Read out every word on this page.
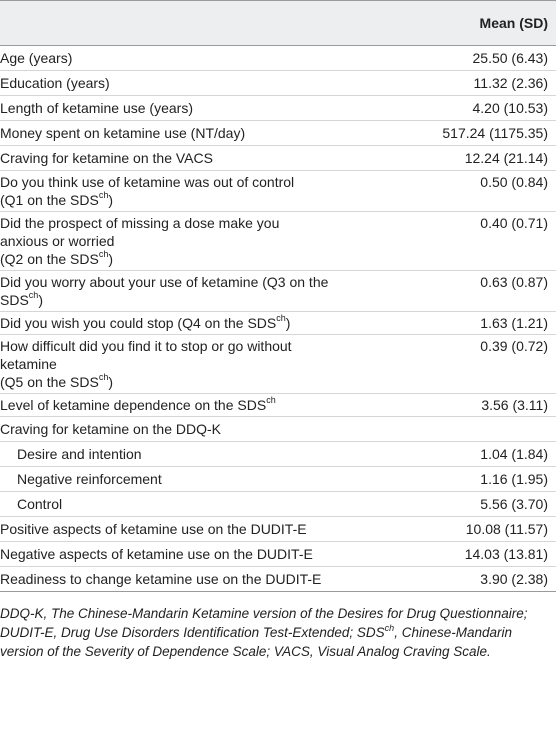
	Mean (SD)
Age (years)	25.50 (6.43)
Education (years)	11.32 (2.36)
Length of ketamine use (years)	4.20 (10.53)
Money spent on ketamine use (NT/day)	517.24 (1175.35)
Craving for ketamine on the VACS	12.24 (21.14)

Do you think use of ketamine was out of control
(Q1 on the $SDS^{ch}$)	0.50 (0.84)

Did the prospect of missing a dose make you
anxious or worried
(Q2 on the $SDS^{ch}$)	0.40 (0.71)

Did you worry about your use of ketamine (Q3 on the
$SDS^{ch}$)	0.63 (0.87)

Did you wish you could stop (Q4 on the $SDS^{ch}$)	1.63 (1.21)

How difficult did you find it to stop or go without
ketamine
(Q5 on the $SDS^{ch}$)	0.39 (0.72)

Level of ketamine dependence on the $SDS^{ch}$	3.56 (3.11)
Craving for ketamine on the DDQ-K	
Desire and intention	1.04 (1.84)
Negative reinforcement	1.16 (1.95)
Control	5.56 (3.70)
Positive aspects of ketamine use on the DUDIT-E	10.08 (11.57)
Negative aspects of ketamine use on the DUDIT-E	14.03 (13.81)
Readiness to change ketamine use on the DUDIT-E	3.90 (2.38)
DDQ-K, The Chinese-Mandarin Ketamine version of the Desires for Drug Questionnaire; DUDIT-E, Drug Use Disorders Identification Test-Extended; $SDS^{ch}$, Chinese-Mandarin version of the Severity of Dependence Scale; VACS, Visual Analog Craving Scale.
